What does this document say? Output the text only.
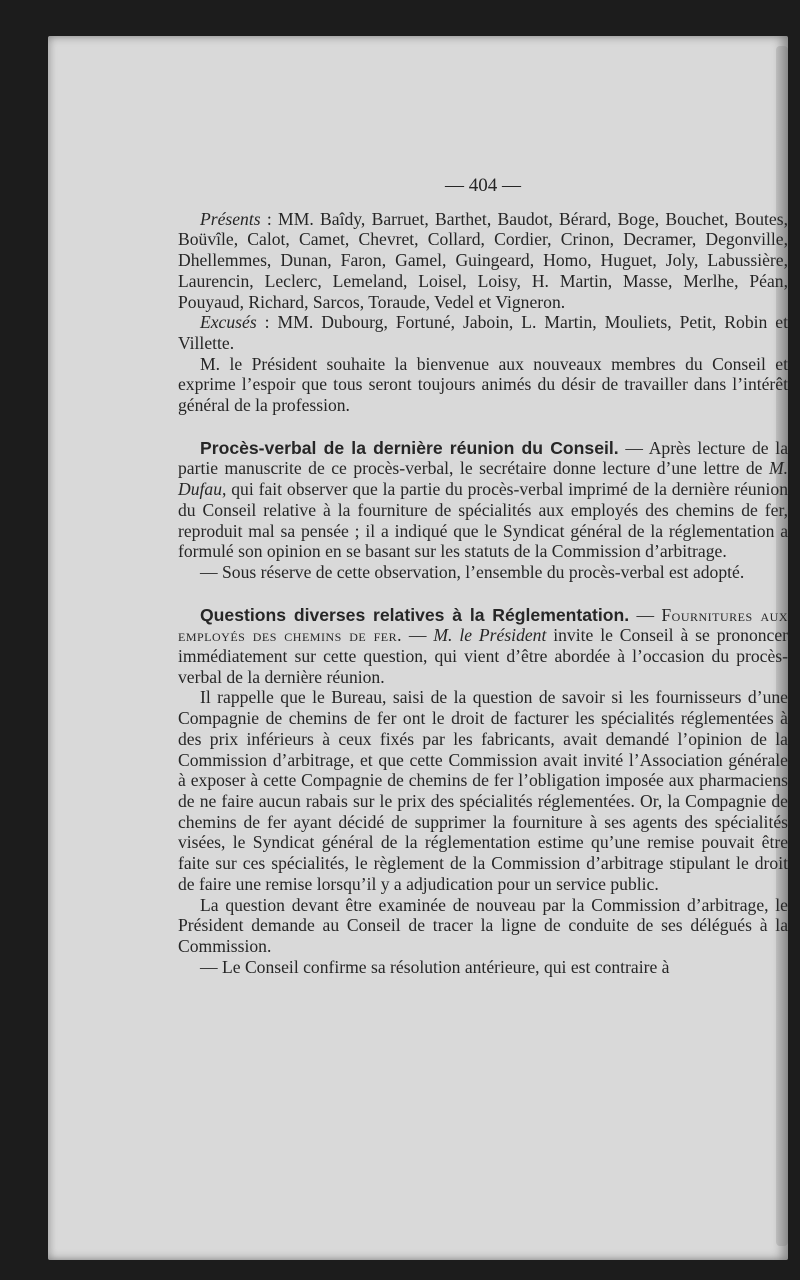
— 404 —

Présents : MM. Baîdy, Barruet, Barthet, Baudot, Bérard, Boge, Bouchet, Boutes, Boüvîle, Calot, Camet, Chevret, Collard, Cordier, Crinon, Decramer, Degonville, Dhellemmes, Dunan, Faron, Gamel, Guingeard, Homo, Huguet, Joly, Labussière, Laurencin, Leclerc, Lemeland, Loisel, Loisy, H. Martin, Masse, Merlhe, Péan, Pouyaud, Richard, Sarcos, Toraude, Vedel et Vigneron.

Excusés : MM. Dubourg, Fortuné, Jaboin, L. Martin, Mouliets, Petit, Robin et Villette.

M. le Président souhaite la bienvenue aux nouveaux membres du Conseil et exprime l’espoir que tous seront toujours animés du désir de travailler dans l’intérêt général de la profession.

Procès-verbal de la dernière réunion du Conseil. — Après lecture de la partie manuscrite de ce procès-verbal, le secrétaire donne lecture d’une lettre de M. Dufau, qui fait observer que la partie du procès-verbal imprimé de la dernière réunion du Conseil relative à la fourniture de spécialités aux employés des chemins de fer, reproduit mal sa pensée ; il a indiqué que le Syndicat général de la réglementation a formulé son opinion en se basant sur les statuts de la Commission d’arbitrage.

— Sous réserve de cette observation, l’ensemble du procès-verbal est adopté.

Questions diverses relatives à la Réglementation. — Fournitures aux employés des chemins de fer. — M. le Président invite le Conseil à se prononcer immédiatement sur cette question, qui vient d’être abordée à l’occasion du procès-verbal de la dernière réunion.

Il rappelle que le Bureau, saisi de la question de savoir si les fournisseurs d’une Compagnie de chemins de fer ont le droit de facturer les spécialités réglementées à des prix inférieurs à ceux fixés par les fabricants, avait demandé l’opinion de la Commission d’arbitrage, et que cette Commission avait invité l’Association générale à exposer à cette Compagnie de chemins de fer l’obligation imposée aux pharmaciens de ne faire aucun rabais sur le prix des spécialités réglementées. Or, la Compagnie de chemins de fer ayant décidé de supprimer la fourniture à ses agents des spécialités visées, le Syndicat général de la réglementation estime qu’une remise pouvait être faite sur ces spécialités, le règlement de la Commission d’arbitrage stipulant le droit de faire une remise lorsqu’il y a adjudication pour un service public.

La question devant être examinée de nouveau par la Commission d’arbitrage, le Président demande au Conseil de tracer la ligne de conduite de ses délégués à la Commission.

— Le Conseil confirme sa résolution antérieure, qui est contraire à
